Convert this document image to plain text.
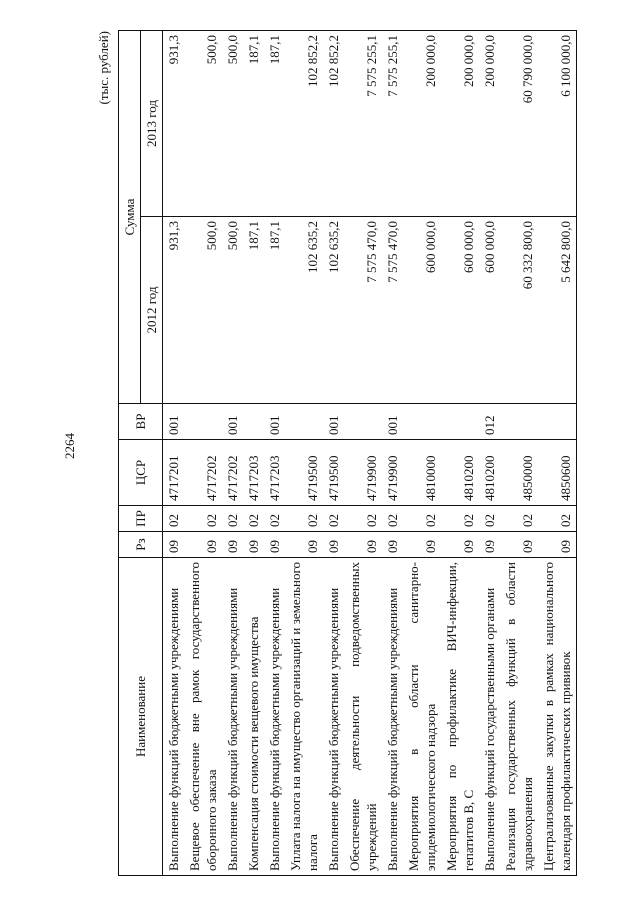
2264
(тыс. рублей)
Наименование	Рз	ПР	ЦСР	ВР	Сумма	
					2012 год	2013 год
Выполнение функций бюджетными учреждениями	09	02	4717201	001	931,3	931,3
Вещевое обеспечение вне рамок государственного оборонного заказа	09	02	4717202		500,0	500,0
Выполнение функций бюджетными учреждениями	09	02	4717202	001	500,0	500,0
Компенсация стоимости вещевого имущества	09	02	4717203		187,1	187,1
Выполнение функций бюджетными учреждениями	09	02	4717203	001	187,1	187,1
Уплата налога на имущество организаций и земельного налога	09	02	4719500		102 635,2	102 852,2
Выполнение функций бюджетными учреждениями	09	02	4719500	001	102 635,2	102 852,2
Обеспечение деятельности подведомственных учреждений	09	02	4719900		7 575 470,0	7 575 255,1
Выполнение функций бюджетными учреждениями	09	02	4719900	001	7 575 470,0	7 575 255,1
Мероприятия в области санитарно-эпидемиологического надзора	09	02	4810000		600 000,0	200 000,0
Мероприятия по профилактике ВИЧ-инфекции, гепатитов В, С	09	02	4810200		600 000,0	200 000,0
Выполнение функций государственными органами	09	02	4810200	012	600 000,0	200 000,0
Реализация государственных функций в области здравоохранения	09	02	4850000		60 332 800,0	60 790 000,0
Централизованные закупки в рамках национального календаря профилактических прививок	09	02	4850600		5 642 800,0	6 100 000,0
